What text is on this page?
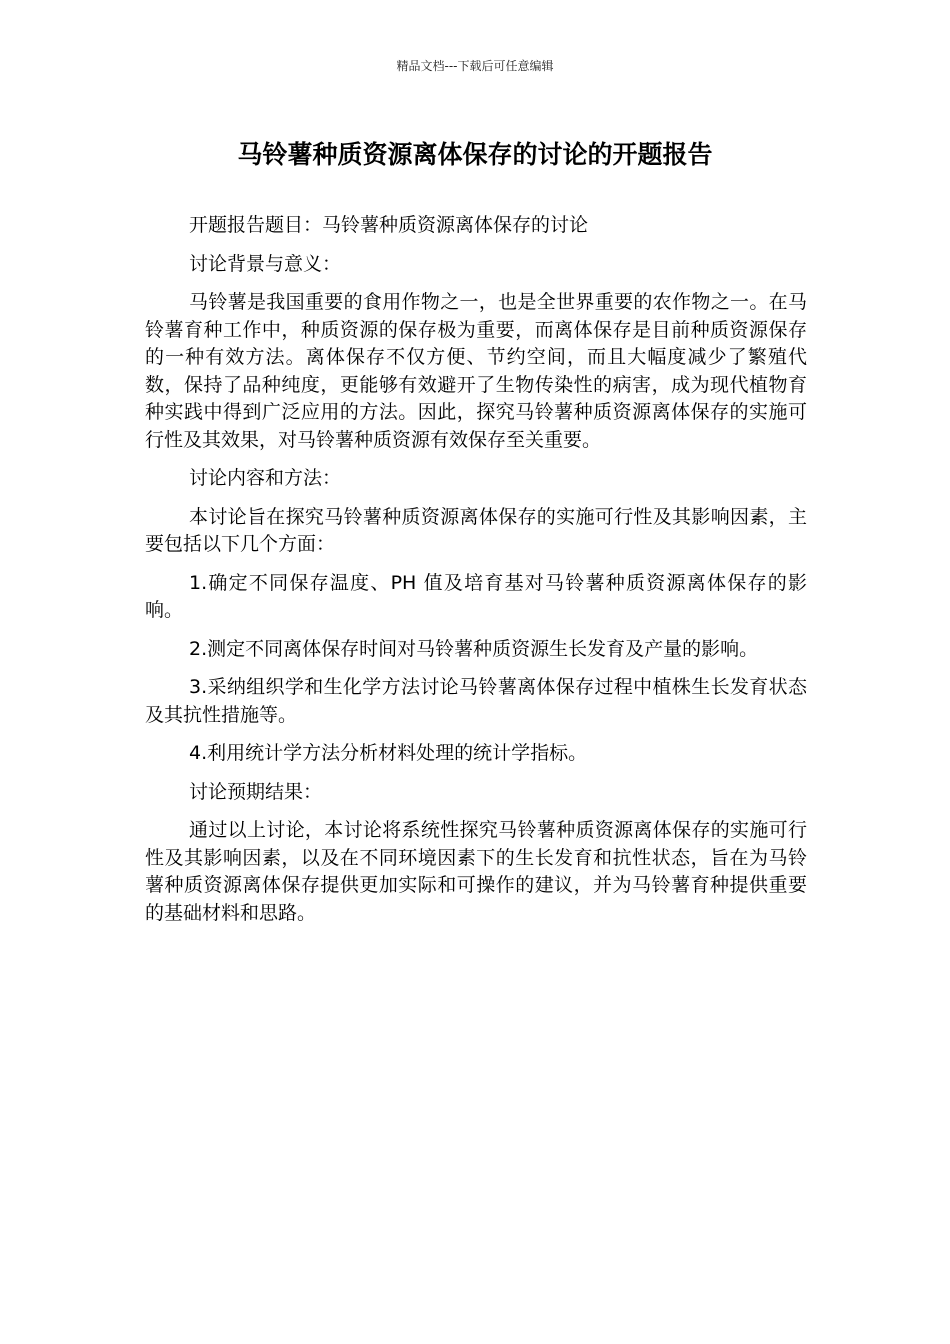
精品文档---下载后可任意编辑
马铃薯种质资源离体保存的讨论的开题报告

开题报告题目：马铃薯种质资源离体保存的讨论

讨论背景与意义：

马铃薯是我国重要的食用作物之一，也是全世界重要的农作物之一。在马铃薯育种工作中，种质资源的保存极为重要，而离体保存是目前种质资源保存的一种有效方法。离体保存不仅方便、节约空间，而且大幅度减少了繁殖代数，保持了品种纯度，更能够有效避开了生物传染性的病害，成为现代植物育种实践中得到广泛应用的方法。因此，探究马铃薯种质资源离体保存的实施可行性及其效果，对马铃薯种质资源有效保存至关重要。

讨论内容和方法：

本讨论旨在探究马铃薯种质资源离体保存的实施可行性及其影响因素，主要包括以下几个方面：

1.确定不同保存温度、PH 值及培育基对马铃薯种质资源离体保存的影响。

2.测定不同离体保存时间对马铃薯种质资源生长发育及产量的影响。

3.采纳组织学和生化学方法讨论马铃薯离体保存过程中植株生长发育状态及其抗性措施等。

4.利用统计学方法分析材料处理的统计学指标。

讨论预期结果：

通过以上讨论，本讨论将系统性探究马铃薯种质资源离体保存的实施可行性及其影响因素，以及在不同环境因素下的生长发育和抗性状态，旨在为马铃薯种质资源离体保存提供更加实际和可操作的建议，并为马铃薯育种提供重要的基础材料和思路。
